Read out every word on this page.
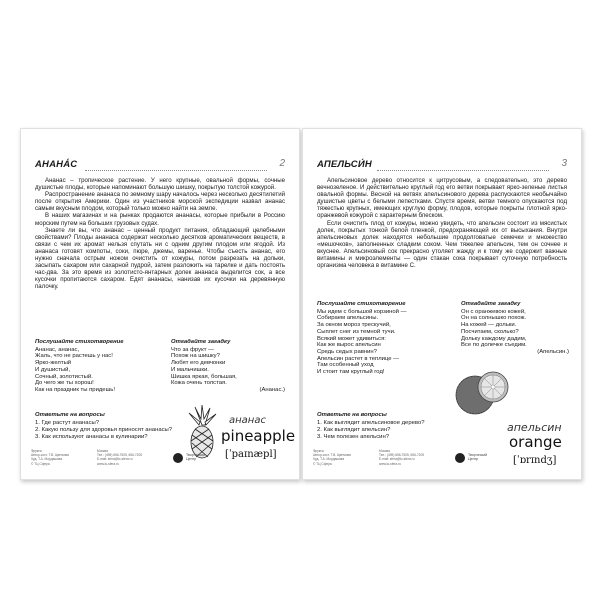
АНАНА́С	2

Ананас – тропическое растение. У него крупные, овальной формы, сочные душистые плоды, которые напоминают большую шишку, покрытую толстой кожурой.

Распространение ананаса по земному шару началось через несколько десятилетий после открытия Америки. Один из участников морской экспедиции назвал ананас самым вкусным плодом, который только можно найти на земле.

В наших магазинах и на рынках продаются ананасы, которые прибыли в Россию морским путем на больших грузовых судах.

Знаете ли вы, что ананас – ценный продукт питания, обладающий целебными свойствами? Плоды ананаса содержат несколько десятков ароматических веществ, в связи с чем их аромат нельзя спутать ни с одним другим плодом или ягодой. Из ананаса готовят компоты, соки, пюре, джемы, варенье. Чтобы съесть ананас, его нужно сначала острым ножом очистить от кожуры, потом разрезать на дольки, засыпать сахаром или сахарной пудрой, затем разложить на тарелке и дать постоять час-два. За это время из золотисто-янтарных долек ананаса выделится сок, а все кусочки пропитаются сахаром. Едят ананасы, нанизав их кусочки на деревянную палочку.

Послушайте стихотворение
Ананас, ананас,
Жаль, что не растешь у нас!
Ярко-желтый
И душистый,
Сочный, золотистый.
До чего же ты хорош!
Как на праздник ты придешь!
Отгадайте загадку
Что за фрукт —
Похож на шишку?
Любят его девчонки
И мальчишки.
Шишка яркая, большая,
Кожа очень толстая.
(Ананас.)
Ответьте на вопросы
1. Где растут ананасы?
2. Какую пользу для здоровья приносят ананасы?
3. Как используют ананасы в кулинарии?
ананас
pineapple
[ˈpaɪnæpl]
Фрукты
Автор-сост. Т.В. Цветкова
Худ. Т.А. Мордашова
© ТЦ Сфера
Москва
Тел.: (495) 656-7505, 656-7205
E-mail: sfera@tc-sfera.ru
www.tc-sfera.ru
Творческий
Центр
АПЕЛЬСИ́Н	3

Апельсиновое дерево относится к цитрусовым, а следовательно, это дерево вечнозеленое. И действительно круглый год его ветви покрывает ярко-зеленые листья овальной формы. Весной на ветвях апельсинового дерева распускаются необычайно душистые цветы с белыми лепестками. Спустя время, ветви темного опускаются под тяжестью крупных, имеющих круглую форму, плодов, которые покрыты плотной ярко-оранжевой кожурой с характерным блеском.

Если очистить плод от кожуры, можно увидеть, что апельсин состоит из мясистых долек, покрытых тонкой белой пленкой, предохраняющей их от высыхания. Внутри апельсиновых долек находятся небольшие продолговатые семечки и множество «мешочков», заполненных сладким соком. Чем тяжелее апельсин, тем он сочнее и вкуснее. Апельсиновый сок прекрасно утоляет жажду и к тому же содержит важные витамины и микроэлементы — один стакан сока покрывает суточную потребность организма человека в витамине С.

Послушайте стихотворение
Мы идем с большой корзиной —
Собираем апельсины.
За окном мороз трескучий,
Сыплет снег из темной тучи.
Всякий может удивиться:
Как же вырос апельсин
Средь седых равнин?
Апельсин растет в теплице —
Там особенный уход
И стоит там круглый год!
Отгадайте загадку
Он с оранжевою кожей,
Он на солнышко похож.
На кожей — дольки.
Посчитаем, сколько?
Дольку каждому дадим,
Все по долечке съедим.
(Апельсин.)
Ответьте на вопросы
1. Как выглядит апельсиновое дерево?
2. Как выглядит апельсин?
3. Чем полезен апельсин?
апельсин
orange
[ˈɒrɪndʒ]
Фрукты
Автор-сост. Т.В. Цветкова
Худ. Т.А. Мордашова
© ТЦ Сфера
Москва
Тел.: (495) 656-7505, 656-7205
E-mail: sfera@tc-sfera.ru
www.tc-sfera.ru
Творческий
Центр
